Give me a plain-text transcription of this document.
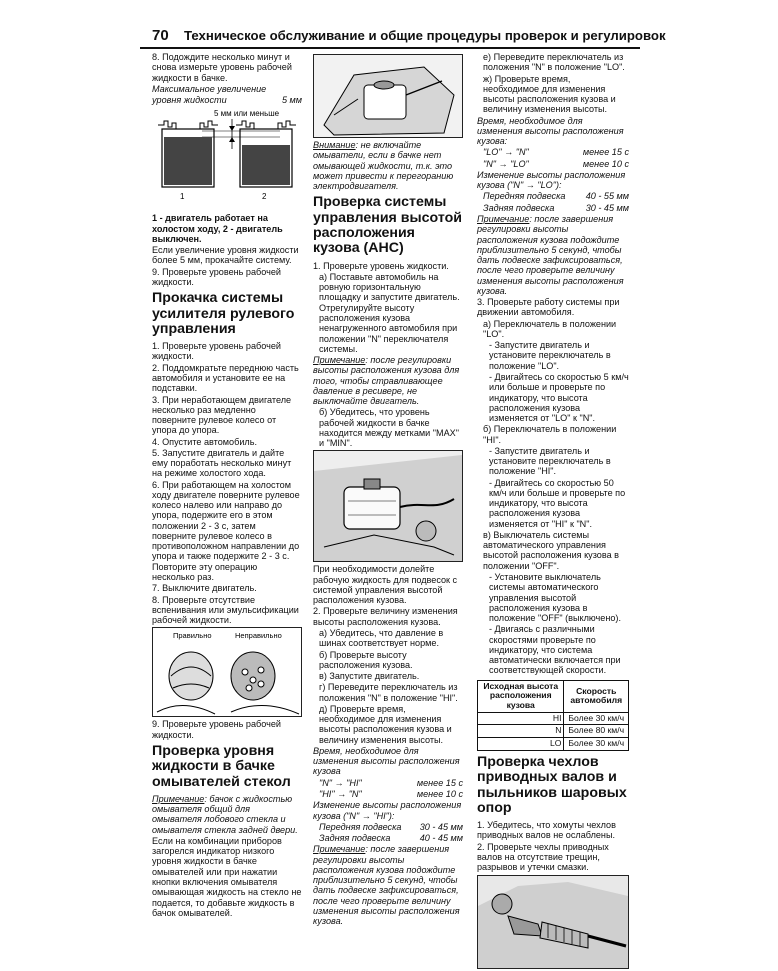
70 Техническое обслуживание и общие процедуры проверок и регулировок

8. Подождите несколько минут и снова измерьте уровень рабочей жидкости в бачке.

Максимальное увеличение

уровня жидкости	5 мм

5 мм или меньше
1	2

1 - двигатель работает на холостом ходу, 2 - двигатель выключен.

Если увеличение уровня жидкости более 5 мм, прокачайте систему.

9. Проверьте уровень рабочей жидкости.

Прокачка системы усилителя рулевого управления

1. Проверьте уровень рабочей жидкости.

2. Поддомкратьте переднюю часть автомобиля и установите ее на подставки.

3. При неработающем двигателе несколько раз медленно поверните рулевое колесо от упора до упора.

4. Опустите автомобиль.

5. Запустите двигатель и дайте ему поработать несколько минут на режиме холостого хода.

6. При работающем на холостом ходу двигателе поверните рулевое колесо налево или направо до упора, подержите его в этом положении 2 - 3 с, затем поверните рулевое колесо в противоположном направлении до упора и также подержите 2 - 3 с. Повторите эту операцию несколько раз.

7. Выключите двигатель.

8. Проверьте отсутствие вспенивания или эмульсификации рабочей жидкости.

Правильно	Неправильно

9. Проверьте уровень рабочей жидкости.

Проверка уровня жидкости в бачке омывателей стекол

Примечание: бачок с жидкостью омывателя общий для омывателя лобового стекла и омывателя стекла задней двери.

Если на комбинации приборов загорелся индикатор низкого уровня жидкости в бачке омывателей или при нажатии кнопки включения омывателя омывающая жидкость на стекло не подается, то добавьте жидкость в бачок омывателей.

Внимание: не включайте омыватели, если в бачке нет омывающей жидкости, т.к. это может привести к перегоранию электродвигателя.

Проверка системы управления высотой расположения кузова (АНС)

1. Проверьте уровень жидкости.

а) Поставьте автомобиль на ровную горизонтальную площадку и запустите двигатель. Отрегулируйте высоту расположения кузова ненагруженного автомобиля при положении "N" переключателя системы.

Примечание: после регулировки высоты расположения кузова для того, чтобы стравливающее давление в ресивере, не выключайте двигатель.

б) Убедитесь, что уровень рабочей жидкости в бачке находится между метками "MAX" и "MIN".

При необходимости долейте рабочую жидкость для подвесок с системой управления высотой расположения кузова.

2. Проверьте величину изменения высоты расположения кузова.

а) Убедитесь, что давление в шинах соответствует норме.

б) Проверьте высоту расположения кузова.

в) Запустите двигатель.

г) Переведите переключатель из положения "N" в положение "HI".

д) Проверьте время, необходимое для изменения высоты расположения кузова и величину изменения высоты.

Время, необходимое для изменения высоты расположения кузова

"N" → "HI"	менее 15 с

"HI" → "N"	менее 10 с

Изменение высоты расположения кузова ("N" → "HI"):

Передняя подвеска 30 - 45 мм

Задняя подвеска	40 - 45 мм

Примечание: после завершения регулировки высоты расположения кузова подождите приблизительно 5 секунд, чтобы дать подвеске зафиксироваться, после чего проверьте величину изменения высоты расположения кузова.

е) Переведите переключатель из положения "N" в положение "LO".

ж) Проверьте время, необходимое для изменения высоты расположения кузова и величину изменения высоты.

Время, необходимое для изменения высоты расположения кузова:

"LO" → "N"	менее 15 с

"N" → "LO"	менее 10 с

Изменение высоты расположения кузова ("N" → "LO"):

Передняя подвеска 40 - 55 мм

Задняя подвеска	30 - 45 мм

Примечание: после завершения регулировки высоты расположения кузова подождите приблизительно 5 секунд, чтобы дать подвеске зафиксироваться, после чего проверьте величину изменения высоты расположения кузова.

3. Проверьте работу системы при движении автомобиля.

а) Переключатель в положении "LO".

- Запустите двигатель и установите переключатель в положение "LO".

- Двигайтесь со скоростью 5 км/ч или больше и проверьте по индикатору, что высота расположения кузова изменяется от "LO" к "N".

б) Переключатель в положении "HI".

- Запустите двигатель и установите переключатель в положение "HI".

- Двигайтесь со скоростью 50 км/ч или больше и проверьте по индикатору, что высота расположения кузова изменяется от "HI" к "N".

в) Выключатель системы автоматического управления высотой расположения кузова в положении "OFF".

- Установите выключатель системы автоматического управления высотой расположения кузова в положение "OFF" (выключено).

- Двигаясь с различными скоростями проверьте по индикатору, что система автоматически включается при соответствующей скорости.

Исходная высота расположения кузова	Скорость автомобиля
HI	Более 30 км/ч
N	Более 80 км/ч
LO	Более 30 км/ч
Проверка чехлов приводных валов и пыльников шаровых опор

1. Убедитесь, что хомуты чехлов приводных валов не ослаблены.

2. Проверьте чехлы приводных валов на отсутствие трещин, разрывов и утечки смазки.
